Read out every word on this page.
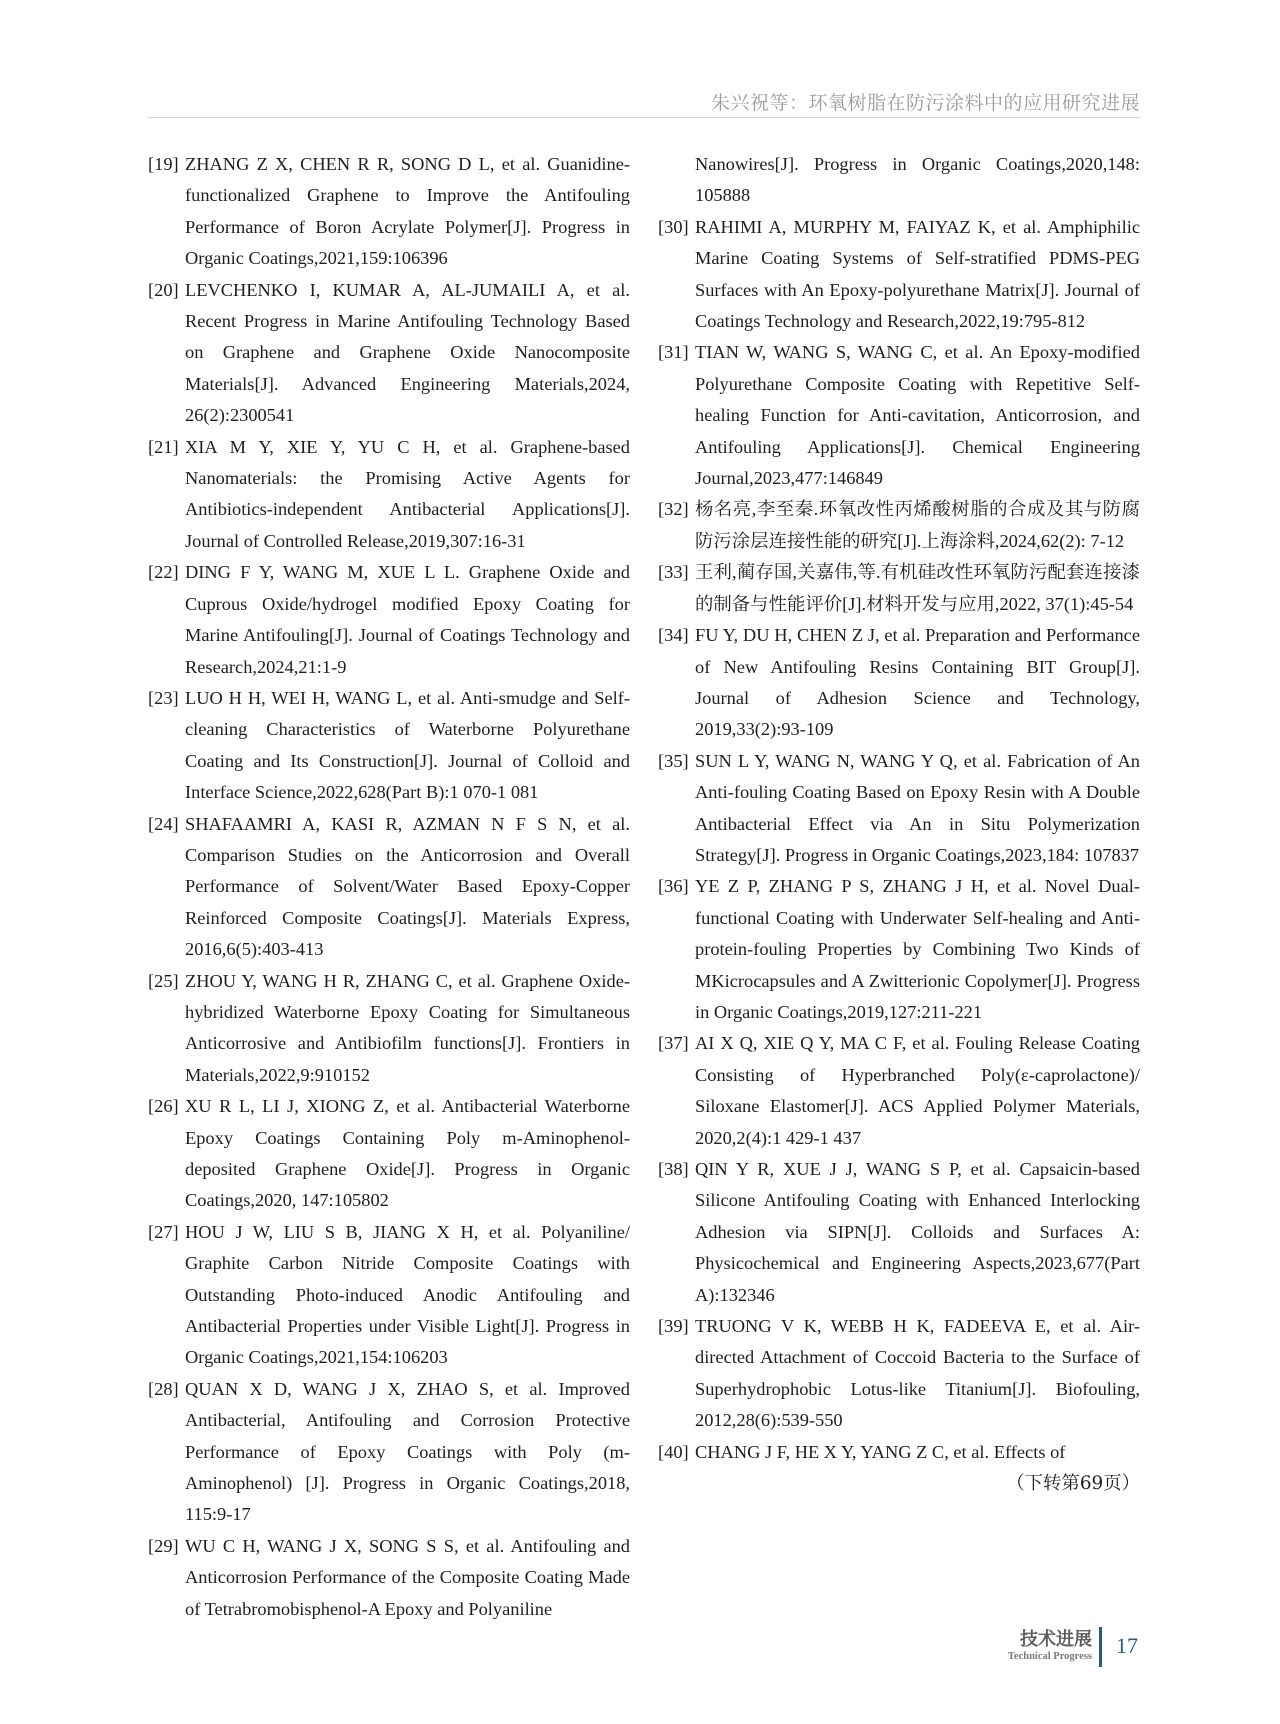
朱兴祝等：环氧树脂在防污涂料中的应用研究进展

[19] ZHANG Z X, CHEN R R, SONG D L, et al. Guanidine-functionalized Graphene to Improve the Antifouling Performance of Boron Acrylate Polymer[J]. Progress in Organic Coatings,2021,159:106396

[20] LEVCHENKO I, KUMAR A, AL-JUMAILI A, et al. Recent Progress in Marine Antifouling Technology Based on Graphene and Graphene Oxide Nanocomposite Materials[J]. Advanced Engineering Materials,2024, 26(2):2300541

[21] XIA M Y, XIE Y, YU C H, et al. Graphene-based Nanomaterials: the Promising Active Agents for Antibiotics-independent Antibacterial Applications[J]. Journal of Controlled Release,2019,307:16-31

[22] DING F Y, WANG M, XUE L L. Graphene Oxide and Cuprous Oxide/hydrogel modified Epoxy Coating for Marine Antifouling[J]. Journal of Coatings Technology and Research,2024,21:1-9

[23] LUO H H, WEI H, WANG L, et al. Anti-smudge and Self-cleaning Characteristics of Waterborne Polyurethane Coating and Its Construction[J]. Journal of Colloid and Interface Science,2022,628(Part B):1 070-1 081

[24] SHAFAAMRI A, KASI R, AZMAN N F S N, et al. Comparison Studies on the Anticorrosion and Overall Performance of Solvent/Water Based Epoxy-Copper Reinforced Composite Coatings[J]. Materials Express, 2016,6(5):403-413

[25] ZHOU Y, WANG H R, ZHANG C, et al. Graphene Oxide-hybridized Waterborne Epoxy Coating for Simultaneous Anticorrosive and Antibiofilm functions[J]. Frontiers in Materials,2022,9:910152

[26] XU R L, LI J, XIONG Z, et al. Antibacterial Waterborne Epoxy Coatings Containing Poly m-Aminophenol-deposited Graphene Oxide[J]. Progress in Organic Coatings,2020, 147:105802

[27] HOU J W, LIU S B, JIANG X H, et al. Polyaniline/ Graphite Carbon Nitride Composite Coatings with Outstanding Photo-induced Anodic Antifouling and Antibacterial Properties under Visible Light[J]. Progress in Organic Coatings,2021,154:106203

[28] QUAN X D, WANG J X, ZHAO S, et al. Improved Antibacterial, Antifouling and Corrosion Protective Performance of Epoxy Coatings with Poly (m-Aminophenol) [J]. Progress in Organic Coatings,2018, 115:9-17

[29] WU C H, WANG J X, SONG S S, et al. Antifouling and Anticorrosion Performance of the Composite Coating Made of Tetrabromobisphenol-A Epoxy and Polyaniline

Nanowires[J]. Progress in Organic Coatings,2020,148: 105888

[30] RAHIMI A, MURPHY M, FAIYAZ K, et al. Amphiphilic Marine Coating Systems of Self-stratified PDMS-PEG Surfaces with An Epoxy-polyurethane Matrix[J]. Journal of Coatings Technology and Research,2022,19:795-812

[31] TIAN W, WANG S, WANG C, et al. An Epoxy-modified Polyurethane Composite Coating with Repetitive Self-healing Function for Anti-cavitation, Anticorrosion, and Antifouling Applications[J]. Chemical Engineering Journal,2023,477:146849

[32] 杨名亮,李至秦.环氧改性丙烯酸树脂的合成及其与防腐防污涂层连接性能的研究[J].上海涂料,2024,62(2): 7-12

[33] 王利,蔺存国,关嘉伟,等.有机硅改性环氧防污配套连接漆的制备与性能评价[J].材料开发与应用,2022, 37(1):45-54

[34] FU Y, DU H, CHEN Z J, et al. Preparation and Performance of New Antifouling Resins Containing BIT Group[J]. Journal of Adhesion Science and Technology, 2019,33(2):93-109

[35] SUN L Y, WANG N, WANG Y Q, et al. Fabrication of An Anti-fouling Coating Based on Epoxy Resin with A Double Antibacterial Effect via An in Situ Polymerization Strategy[J]. Progress in Organic Coatings,2023,184: 107837

[36] YE Z P, ZHANG P S, ZHANG J H, et al. Novel Dual-functional Coating with Underwater Self-healing and Anti-protein-fouling Properties by Combining Two Kinds of MKicrocapsules and A Zwitterionic Copolymer[J]. Progress in Organic Coatings,2019,127:211-221

[37] AI X Q, XIE Q Y, MA C F, et al. Fouling Release Coating Consisting of Hyperbranched Poly(ε-caprolactone)/ Siloxane Elastomer[J]. ACS Applied Polymer Materials, 2020,2(4):1 429-1 437

[38] QIN Y R, XUE J J, WANG S P, et al. Capsaicin-based Silicone Antifouling Coating with Enhanced Interlocking Adhesion via SIPN[J]. Colloids and Surfaces A: Physicochemical and Engineering Aspects,2023,677(Part A):132346

[39] TRUONG V K, WEBB H K, FADEEVA E, et al. Air-directed Attachment of Coccoid Bacteria to the Surface of Superhydrophobic Lotus-like Titanium[J]. Biofouling, 2012,28(6):539-550

[40] CHANG J F, HE X Y, YANG Z C, et al. Effects of

（下转第69页）

技术进展
Technical Progress 17
